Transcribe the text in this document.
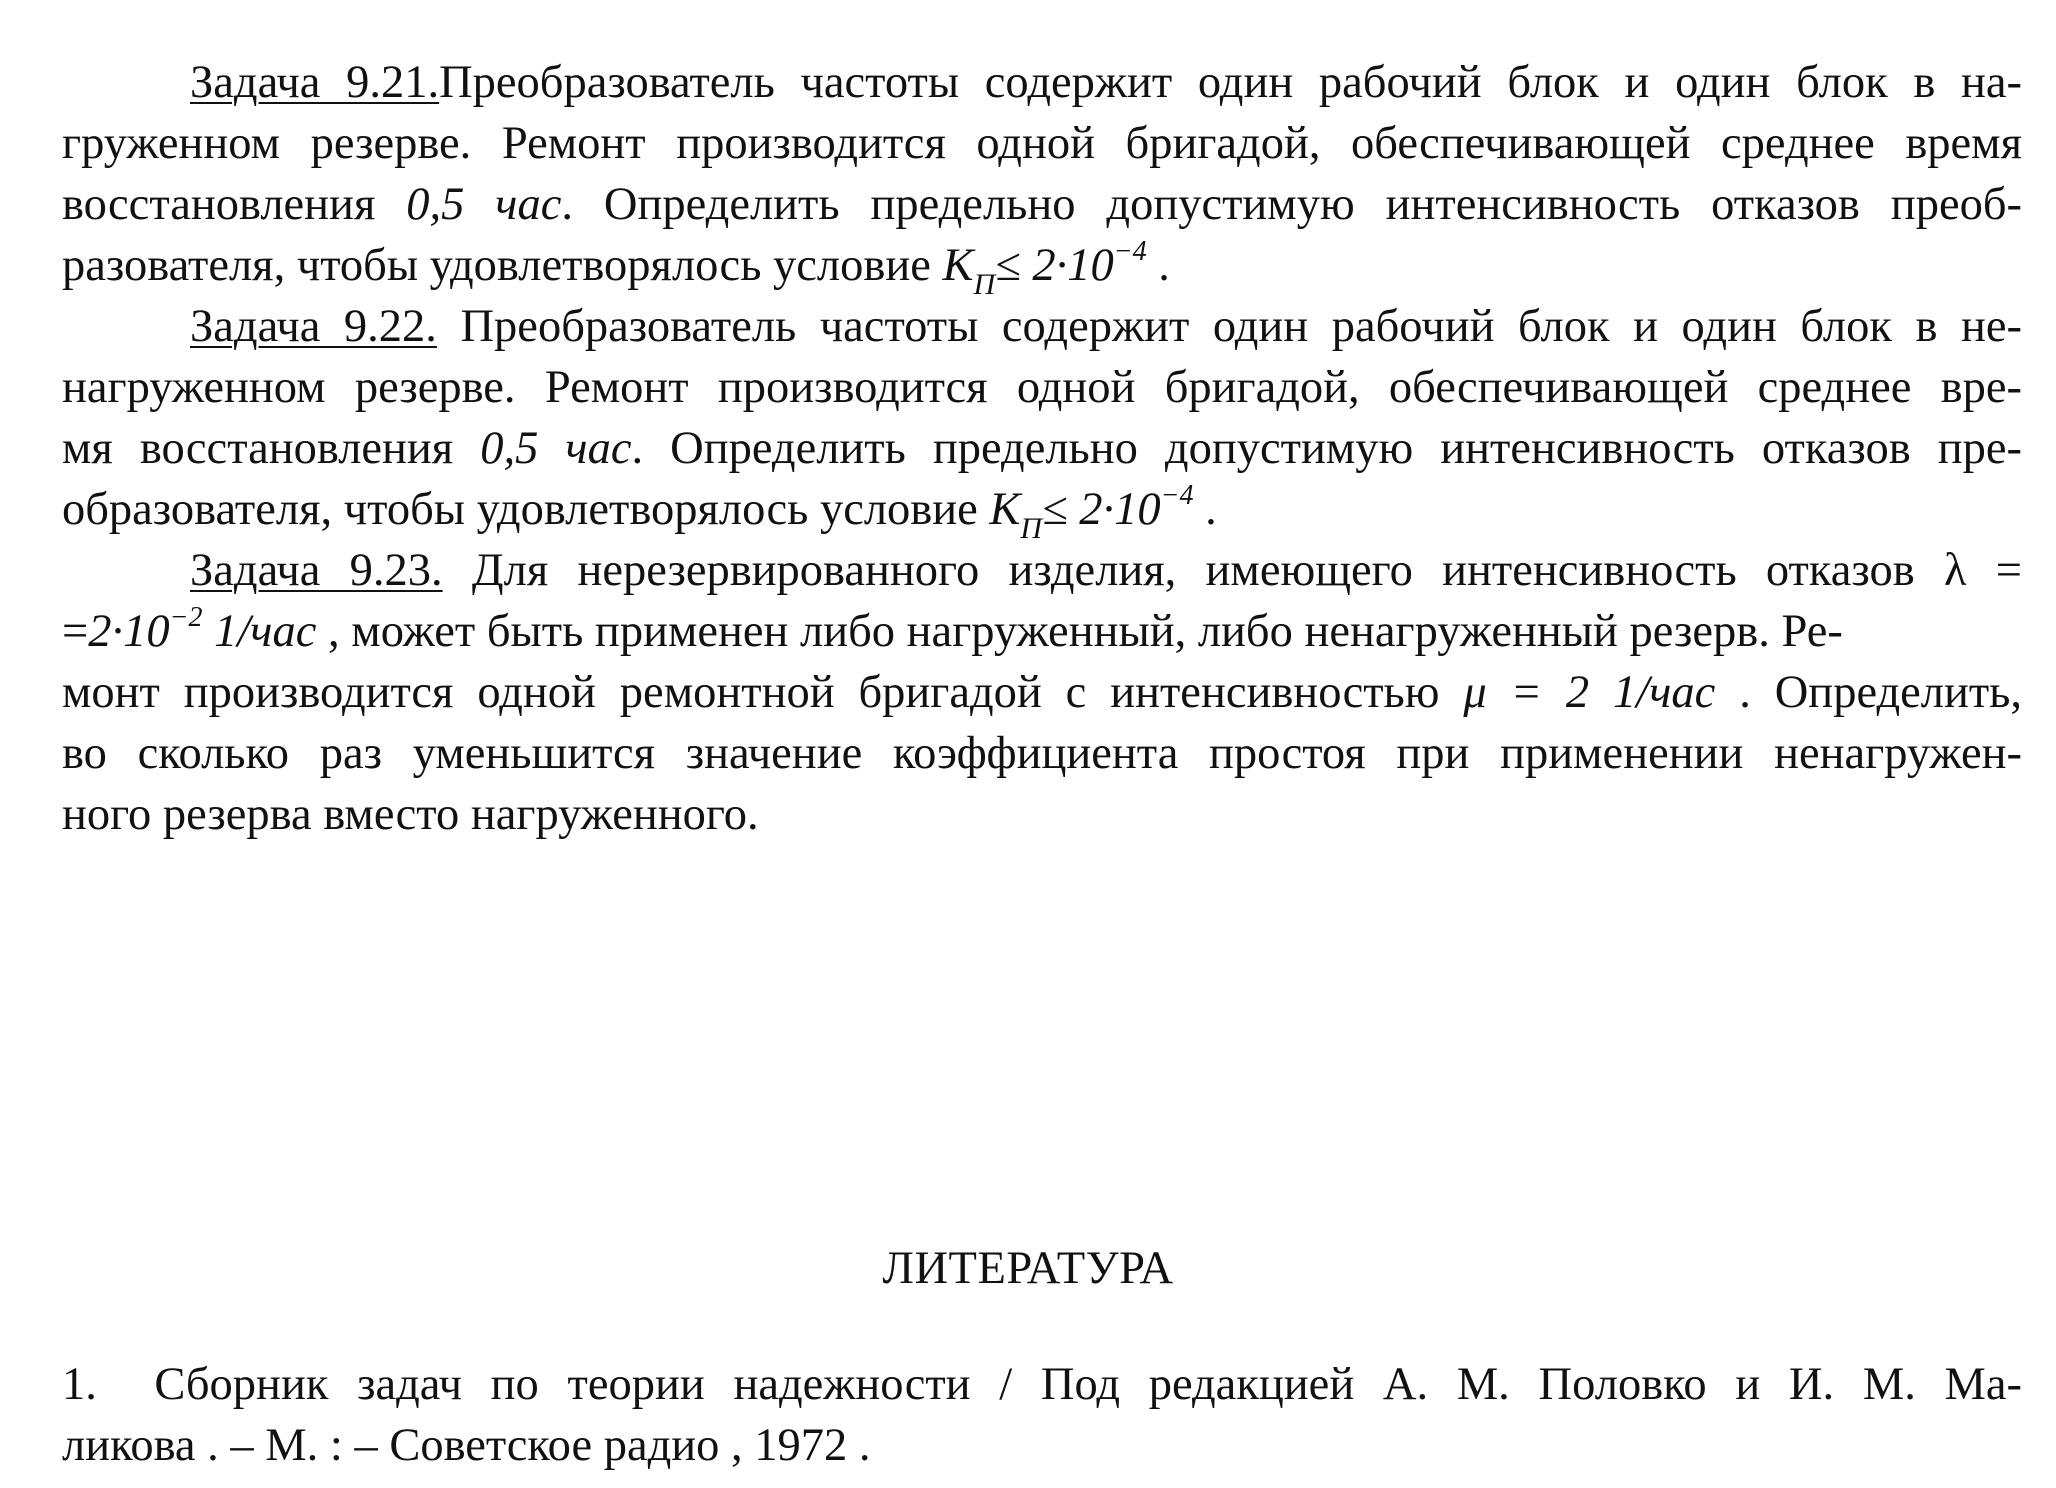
Задача 9.21.Преобразователь частоты содержит один рабочий блок и один блок в на-
груженном резерве. Ремонт производится одной бригадой, обеспечивающей среднее время
восстановления 0,5 час. Определить предельно допустимую интенсивность отказов преоб-
разователя, чтобы удовлетворялось условие $K_П\le 2\cdot 10^{-4}$ .
Задача 9.22. Преобразователь частоты содержит один рабочий блок и один блок в не-
нагруженном резерве. Ремонт производится одной бригадой, обеспечивающей среднее вре-
мя восстановления 0,5 час. Определить предельно допустимую интенсивность отказов пре-
образователя, чтобы удовлетворялось условие $K_П\le 2\cdot 10^{-4}$ .
Задача 9.23. Для нерезервированного изделия, имеющего интенсивность отказов λ =
$=2\cdot 10^{-2}$ 1/час , может быть применен либо нагруженный, либо ненагруженный резерв. Ре-
монт производится одной ремонтной бригадой с интенсивностью μ = 2 1/час . Определить,
во сколько раз уменьшится значение коэффициента простоя при применении ненагружен-
ного резерва вместо нагруженного.
ЛИТЕРАТУРА
1. Сборник задач по теории надежности / Под редакцией А. М. Половко и И. М. Ма-
ликова . – М. : – Советское радио , 1972 .
